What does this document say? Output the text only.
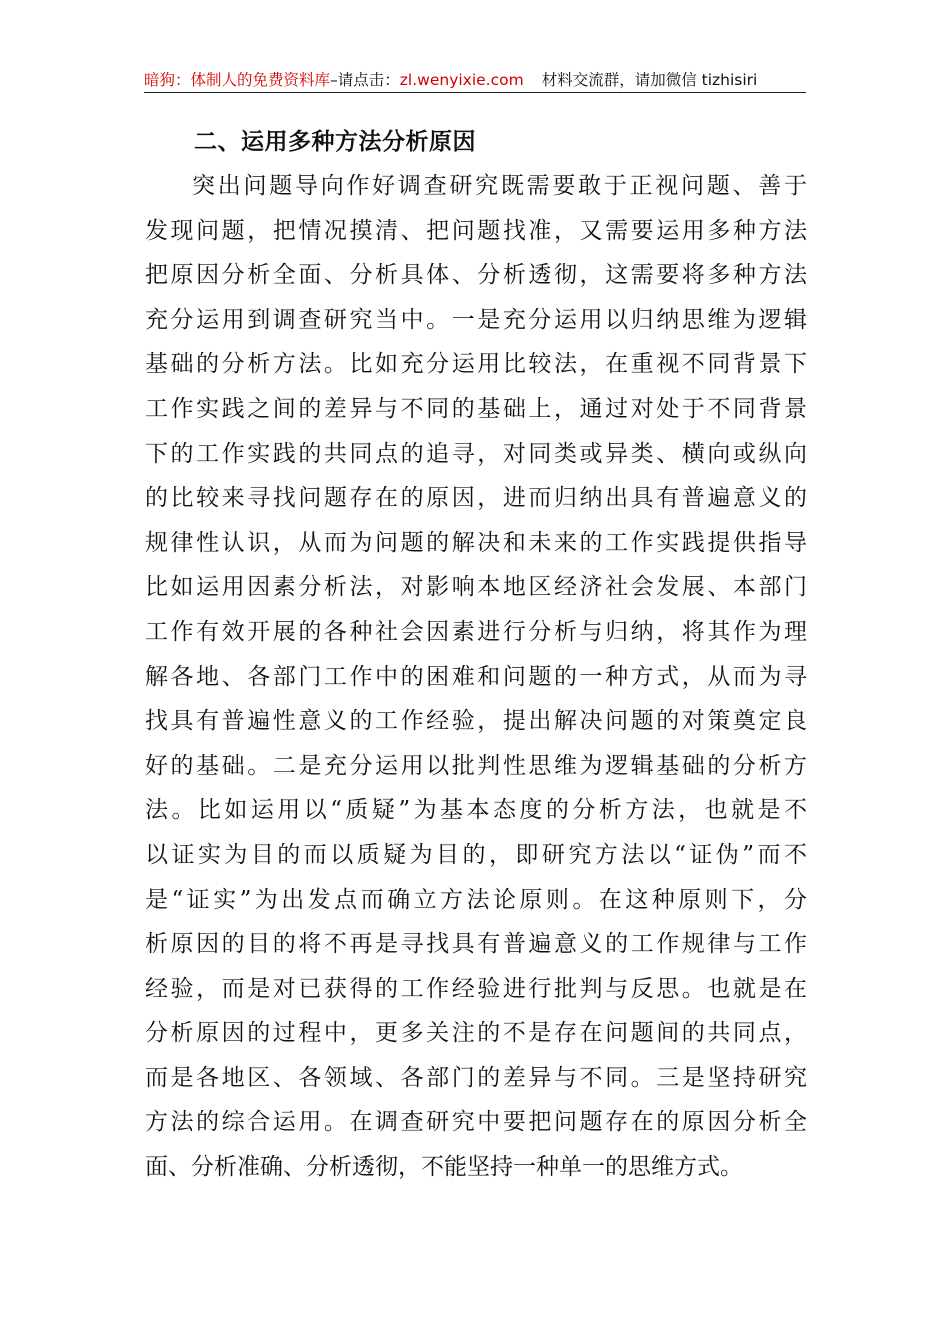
暗狗：体制人的免费资料库–请点击：zl.wenyixie.com 材料交流群，请加微信 tizhisiri
二、运用多种方法分析原因
突出问题导向作好调查研究既需要敢于正视问题、善于
发现问题，把情况摸清、把问题找准，又需要运用多种方法
把原因分析全面、分析具体、分析透彻，这需要将多种方法
充分运用到调查研究当中。一是充分运用以归纳思维为逻辑
基础的分析方法。比如充分运用比较法，在重视不同背景下
工作实践之间的差异与不同的基础上，通过对处于不同背景
下的工作实践的共同点的追寻，对同类或异类、横向或纵向
的比较来寻找问题存在的原因，进而归纳出具有普遍意义的
规律性认识，从而为问题的解决和未来的工作实践提供指导
比如运用因素分析法，对影响本地区经济社会发展、本部门
工作有效开展的各种社会因素进行分析与归纳，将其作为理
解各地、各部门工作中的困难和问题的一种方式，从而为寻
找具有普遍性意义的工作经验，提出解决问题的对策奠定良
好的基础。二是充分运用以批判性思维为逻辑基础的分析方
法。比如运用以“质疑”为基本态度的分析方法，也就是不
以证实为目的而以质疑为目的，即研究方法以“证伪”而不
是“证实”为出发点而确立方法论原则。在这种原则下，分
析原因的目的将不再是寻找具有普遍意义的工作规律与工作
经验，而是对已获得的工作经验进行批判与反思。也就是在
分析原因的过程中，更多关注的不是存在问题间的共同点，
而是各地区、各领域、各部门的差异与不同。三是坚持研究
方法的综合运用。在调查研究中要把问题存在的原因分析全
面、分析准确、分析透彻，不能坚持一种单一的思维方式。
